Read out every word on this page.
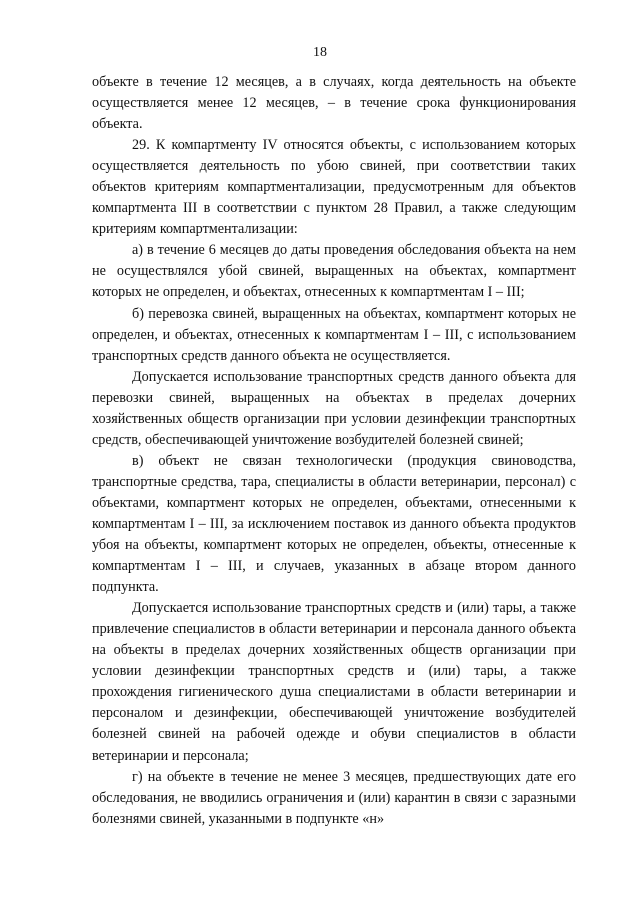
18

объекте в течение 12 месяцев, а в случаях, когда деятельность на объекте осуществляется менее 12 месяцев, – в течение срока функционирования объекта.

29. К компартменту IV относятся объекты, с использованием которых осуществляется деятельность по убою свиней, при соответствии таких объектов критериям компартментализации, предусмотренным для объектов компартмента III в соответствии с пунктом 28 Правил, а также следующим критериям компартментализации:

а) в течение 6 месяцев до даты проведения обследования объекта на нем не осуществлялся убой свиней, выращенных на объектах, компартмент которых не определен, и объектах, отнесенных к компартментам I – III;

б) перевозка свиней, выращенных на объектах, компартмент которых не определен, и объектах, отнесенных к компартментам I – III, с использованием транспортных средств данного объекта не осуществляется.

Допускается использование транспортных средств данного объекта для перевозки свиней, выращенных на объектах в пределах дочерних хозяйственных обществ организации при условии дезинфекции транспортных средств, обеспечивающей уничтожение возбудителей болезней свиней;

в) объект не связан технологически (продукция свиноводства, транспортные средства, тара, специалисты в области ветеринарии, персонал) с объектами, компартмент которых не определен, объектами, отнесенными к компартментам I – III, за исключением поставок из данного объекта продуктов убоя на объекты, компартмент которых не определен, объекты, отнесенные к компартментам I – III, и случаев, указанных в абзаце втором данного подпункта.

Допускается использование транспортных средств и (или) тары, а также привлечение специалистов в области ветеринарии и персонала данного объекта на объекты в пределах дочерних хозяйственных обществ организации при условии дезинфекции транспортных средств и (или) тары, а также прохождения гигиенического душа специалистами в области ветеринарии и персоналом и дезинфекции, обеспечивающей уничтожение возбудителей болезней свиней на рабочей одежде и обуви специалистов в области ветеринарии и персонала;

г) на объекте в течение не менее 3 месяцев, предшествующих дате его обследования, не вводились ограничения и (или) карантин в связи с заразными болезнями свиней, указанными в подпункте «н»
